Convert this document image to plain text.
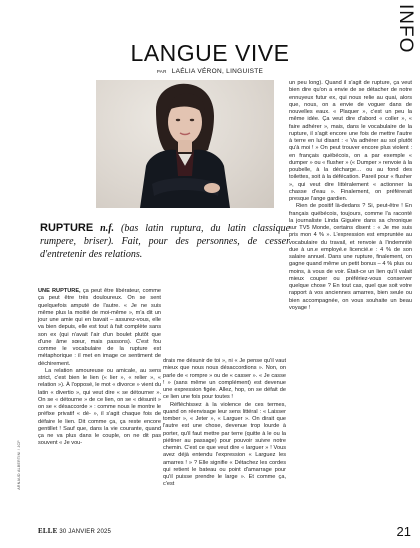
INFO
LANGUE VIVE
PAR LAÉLIA VÉRON, LINGUISTE

un peu long). Quand il s'agit de rupture, ça veut bien dire qu'on a envie de se détacher de notre ennuyeux futur ex, qui nous relie au quai, alors que, nous, on a envie de voguer dans de nouvelles eaux. « Plaquer », c'est un peu la même idée. Ça veut dire d'abord « coller », « faire adhérer », mais, dans le vocabulaire de la rupture, il s'agit encore une fois de mettre l'autre à terre en lui disant : « Va adhérer au sol plutôt qu'à moi ! » On peut trouver encore plus violent : en français québécois, on a par exemple « dumper » ou « flusher » (« Dumper » renvoie à la poubelle, à la décharge… ou au fond des toilettes, soit à la défécation. Pareil pour « flusher », qui veut dire littéralement « actionner la chasse d'eau ». Finalement, on préférerait presque l'ange gardien.

Rien de positif là-dedans ? Si, peut-être ! En français québécois, toujours, comme l'a raconté la journaliste Linda Giguère dans sa chronique sur TV5 Monde, certains disent : « Je me suis pris mon 4 % ». L'expression est empruntée au vocabulaire du travail, et renvoie à l'indemnité due à un.e employé.e licencié.e : 4 % de son salaire annuel. Dans une rupture, finalement, on gagne quand même un petit bonus – 4 % plus ou moins, à vous de voir. Était-ce un lien qu'il valait mieux couper ou préfériez-vous conserver quelque chose ? En tout cas, quel que soit votre rapport à vos anciennes amarres, bien seule ou bien accompagnée, on vous souhaite un beau voyage !

RUPTURE n.f. (bas latin ruptura, du latin classique rumpere, briser). Fait, pour des personnes, de cesser d'entretenir des relations.

UNE RUPTURE, ça peut être libérateur, comme ça peut être très douloureux. On se sent quelquefois amputé de l'autre. « Je ne suis même plus la moitié de moi-même », m'a dit un jour une amie qui en bavait – assurez-vous, elle va bien depuis, elle est tout à fait complète sans son ex (qui n'avait l'air d'un boulet plutôt que d'une âme sœur, mais passons). C'est fou comme le vocabulaire de la rupture est métaphorique : il met en image ce sentiment de déchirement.

La relation amoureuse ou amicale, au sens strict, c'est bien le lien (« lier », « relier », « relation »). À l'opposé, le mot « divorce » vient du latin « divertio », qui veut dire « se détourner ». On se « détourne » de ce lien, on se « désunit » on se « désaccorde » : comme nous le montre le préfixe privatif « dé- », il s'agit chaque fois de défaire le lien. Dit comme ça, ça reste encore gentillet ! Sauf que, dans la vie courante, quand ça ne va plus dans le couple, on ne dit pas souvent « Je vou-

drais me désunir de toi », ni « Je pense qu'il vaut mieux que nous nous désaccordions ». Non, on parle de « rompre » ou de « casser ». « Je casse ! » (sans même un complément) est devenue une expression figée. Allez, hop, on se défait de ce lien une fois pour toutes !

Réfléchissez à la violence de ces termes, quand on réenvisage leur sens littéral : « Laisser tomber », « Jeter », « Larguer ». On dirait que l'autre est une chose, devenue trop lourde à porter, qu'il faut mettre par terre (quitte à le ou la piétiner au passage) pour pouvoir suivre notre chemin. C'est ce que veut dire « larguer » ! Vous avez déjà entendu l'expression « Larguez les amarres ! » ? Elle signifie « Détachez les cordes qui retient le bateau ou point d'amarrage pour qu'il puisse prendre le large ». Et comme ça, c'est

ARNAUD ALBERTINI / JCP
ELLE 30 JANVIER 2025	21
